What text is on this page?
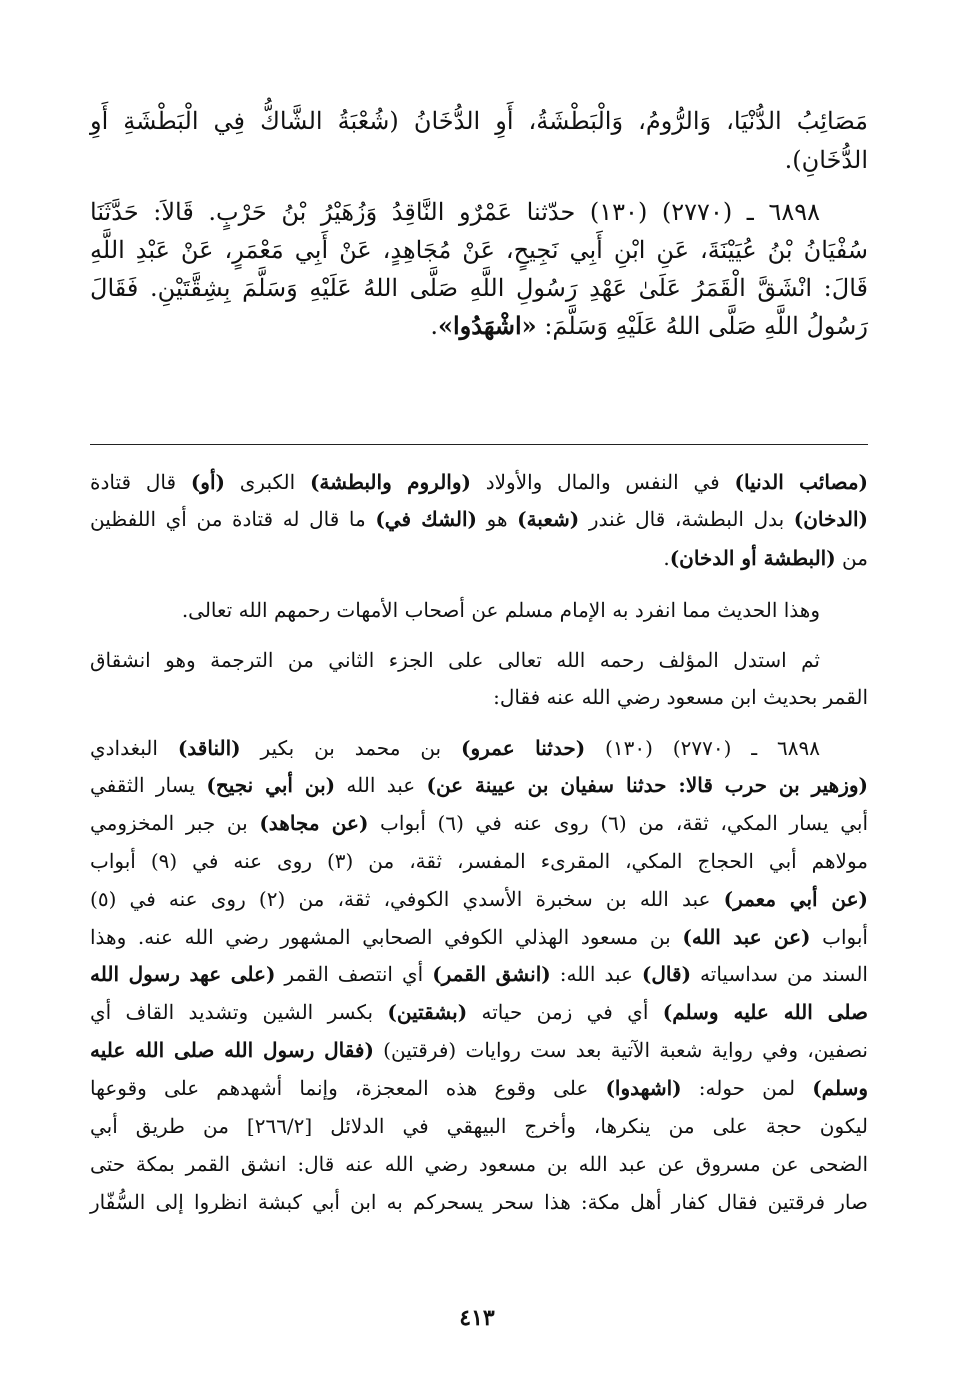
مَصَائِبُ الدُّنْيَا، وَالرُّومُ، وَالْبَطْشَةُ، أَوِ الدُّخَانُ (شُعْبَةُ الشَّاكُّ فِي الْبَطْشَةِ أَوِ
الدُّخَانِ).
٦٨٩٨ ـ (٢٧٧٠) (١٣٠) حدّثنا عَمْرٌو النَّاقِدُ وَزُهَيْرُ بْنُ حَرْبٍ. قَالاَ: حَدَّثَنَا
سُفْيَانُ بْنُ عُيَيْنَةَ، عَنِ ابْنِ أَبِي نَجِيحٍ، عَنْ مُجَاهِدٍ، عَنْ أَبِي مَعْمَرٍ، عَنْ عَبْدِ اللَّهِ
قَالَ: انْشَقَّ الْقَمَرُ عَلَىٰ عَهْدِ رَسُولِ اللَّهِ صَلَّى اللهُ عَلَيْهِ وَسَلَّمَ بِشِقَّتَيْنِ. فَقَالَ
رَسُولُ اللَّهِ صَلَّى اللهُ عَلَيْهِ وَسَلَّمَ: «اشْهَدُوا».
(مصائب الدنيا) في النفس والمال والأولاد (والروم والبطشة) الكبرى (أو) قال قتادة
(الدخان) بدل البطشة، قال غندر (شعبة) هو (الشك في) ما قال له قتادة من أي اللفظين
من (البطشة أو الدخان).
وهذا الحديث مما انفرد به الإمام مسلم عن أصحاب الأمهات رحمهم الله تعالى.
ثم استدل المؤلف رحمه الله تعالى على الجزء الثاني من الترجمة وهو انشقاق
القمر بحديث ابن مسعود رضي الله عنه فقال:
٦٨٩٨ ـ (٢٧٧٠) (١٣٠) (حدثنا عمرو) بن محمد بن بكير (الناقد) البغدادي
(وزهير بن حرب قالا: حدثنا سفيان بن عيينة عن) عبد الله (بن أبي نجيح) يسار الثقفي
أبي يسار المكي، ثقة، من (٦) روى عنه في (٦) أبواب (عن مجاهد) بن جبر المخزومي
مولاهم أبي الحجاج المكي، المقرىء المفسر، ثقة، من (٣) روى عنه في (٩) أبواب
(عن أبي معمر) عبد الله بن سخبرة الأسدي الكوفي، ثقة، من (٢) روى عنه في (٥)
أبواب (عن عبد الله) بن مسعود الهذلي الكوفي الصحابي المشهور رضي الله عنه. وهذا
السند من سداسياته (قال) عبد الله: (انشق القمر) أي انتصف القمر (على عهد رسول الله
صلى الله عليه وسلم) أي في زمن حياته (بشقتين) بكسر الشين وتشديد القاف أي
نصفين، وفي رواية شعبة الآتية بعد ست روايات (فرقتين) (فقال رسول الله صلى الله عليه
وسلم) لمن حوله: (اشهدوا) على وقوع هذه المعجزة، وإنما أشهدهم على وقوعها
ليكون حجة على من ينكرها، وأخرج البيهقي في الدلائل [٢٦٦/٢] من طريق أبي
الضحى عن مسروق عن عبد الله بن مسعود رضي الله عنه قال: انشق القمر بمكة حتى
صار فرقتين فقال كفار أهل مكة: هذا سحر يسحركم به ابن أبي كبشة انظروا إلى السُّفّار
٤١٣
